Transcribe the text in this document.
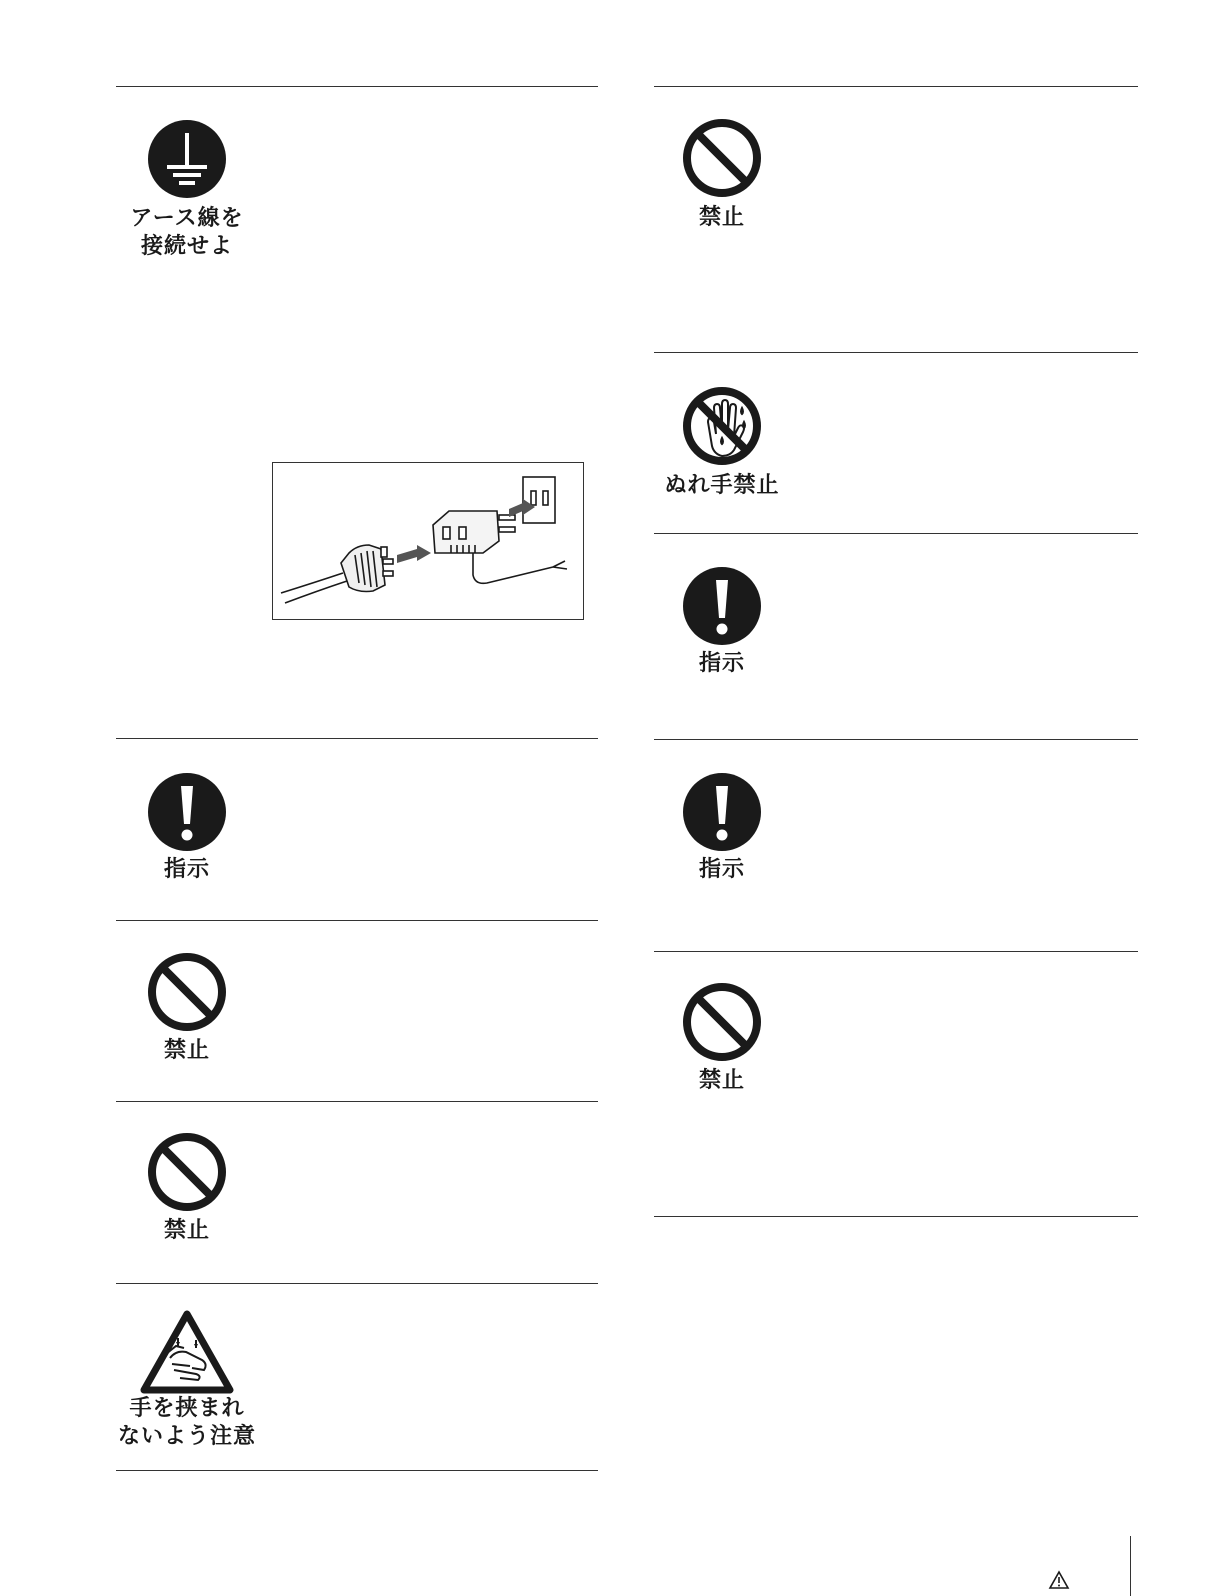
アース線を
接続せよ
指示
禁止
禁止
手を挟まれ
ないよう注意
禁止
ぬれ手禁止
指示
指示
禁止
